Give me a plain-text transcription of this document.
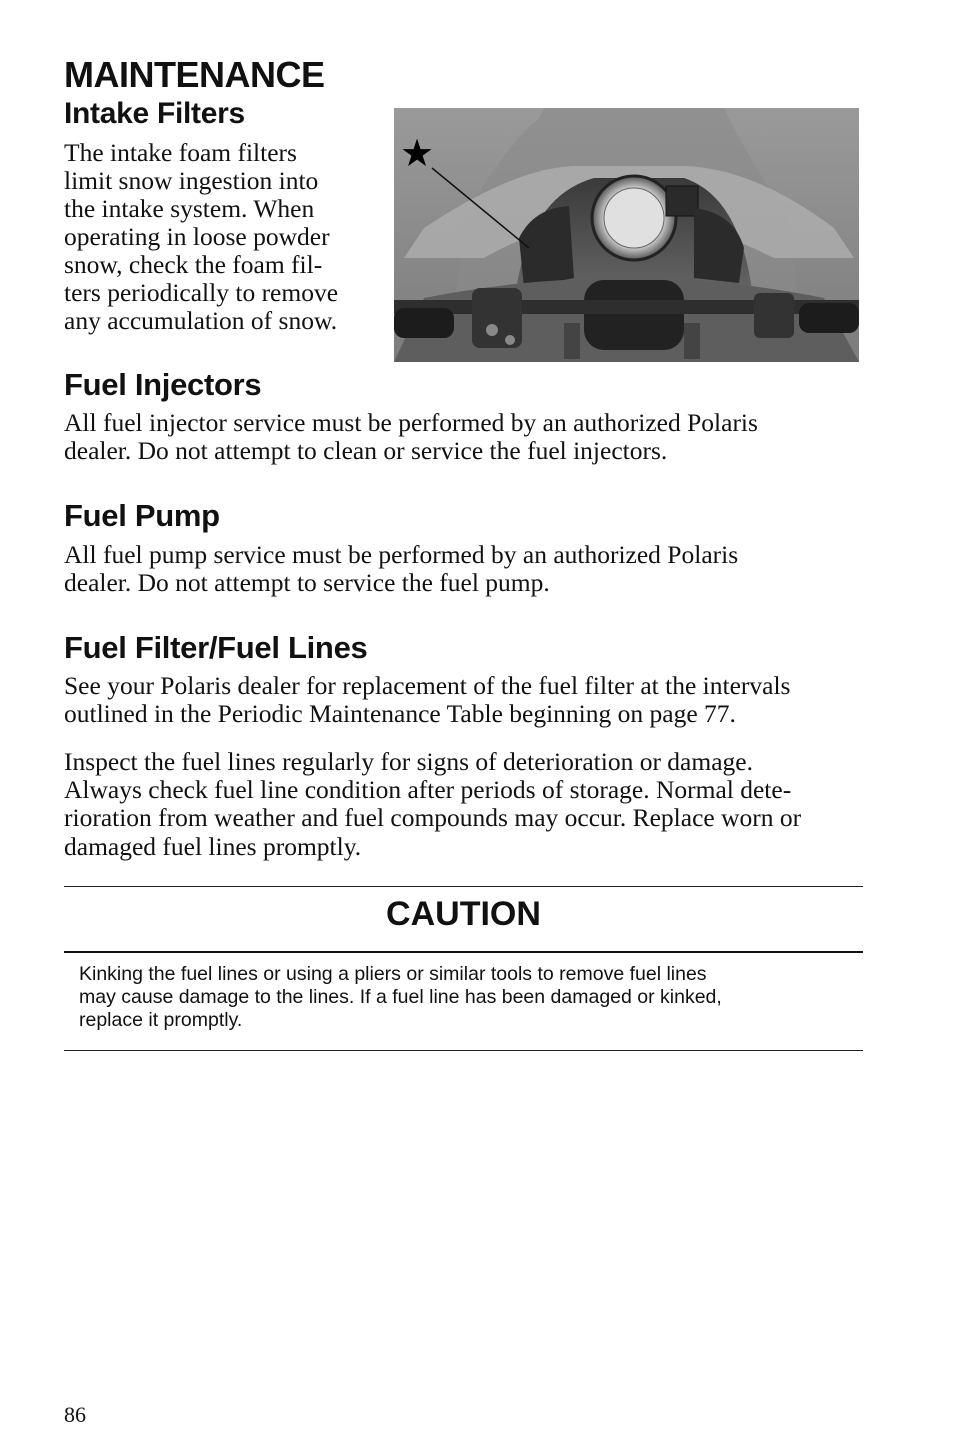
MAINTENANCE
Intake Filters

The intake foam filters

limit snow ingestion into

the intake system. When

operating in loose powder

snow, check the foam fil-

ters periodically to remove

any accumulation of snow.

★
Fuel Injectors

All fuel injector service must be performed by an authorized Polaris

dealer. Do not attempt to clean or service the fuel injectors.

Fuel Pump

All fuel pump service must be performed by an authorized Polaris

dealer. Do not attempt to service the fuel pump.

Fuel Filter/Fuel Lines

See your Polaris dealer for replacement of the fuel filter at the intervals

outlined in the Periodic Maintenance Table beginning on page 77.

Inspect the fuel lines regularly for signs of deterioration or damage.

Always check fuel line condition after periods of storage. Normal dete-

rioration from weather and fuel compounds may occur. Replace worn or

damaged fuel lines promptly.

CAUTION

Kinking the fuel lines or using a pliers or similar tools to remove fuel lines

may cause damage to the lines. If a fuel line has been damaged or kinked,

replace it promptly.

86
